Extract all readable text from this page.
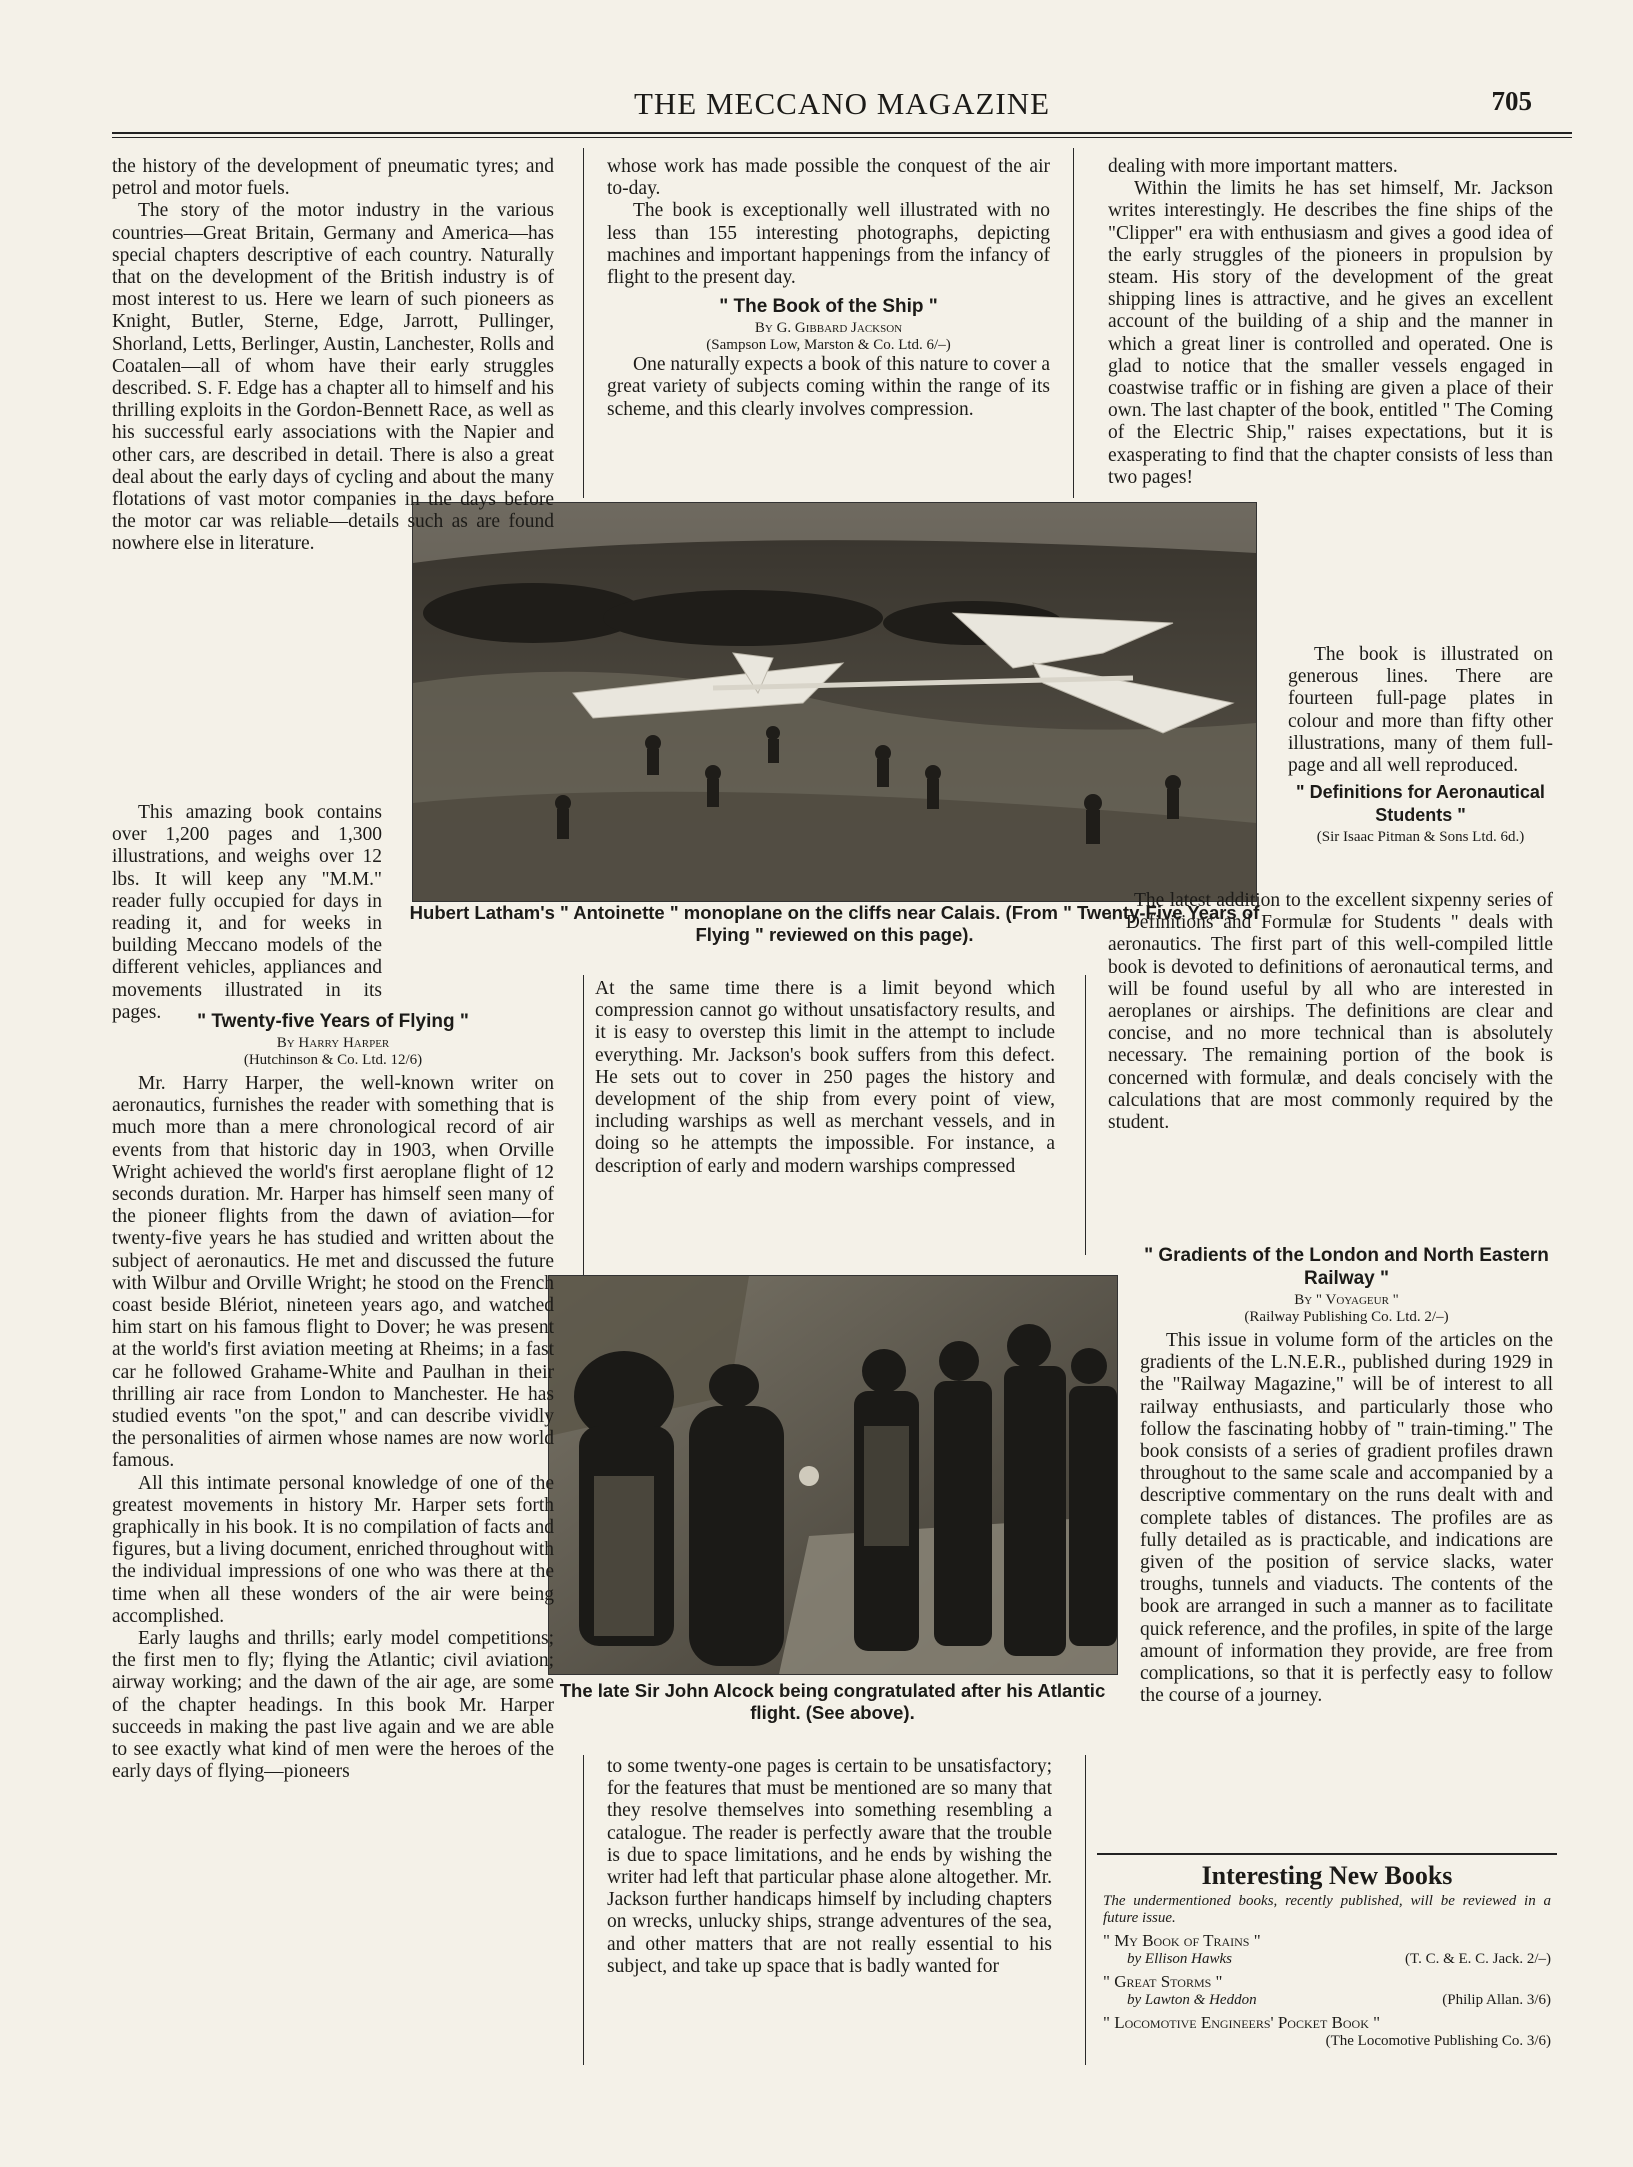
THE MECCANO MAGAZINE	705
Hubert Latham's " Antoinette " monoplane on the cliffs near Calais. (From " Twenty-Five Years of Flying " reviewed on this page).
The late Sir John Alcock being congratulated after his Atlantic flight. (See above).

the history of the development of pneumatic tyres; and petrol and motor fuels.

The story of the motor industry in the various countries—Great Britain, Germany and America—has special chapters descriptive of each country. Naturally that on the development of the British industry is of most interest to us. Here we learn of such pioneers as Knight, Butler, Sterne, Edge, Jarrott, Pullinger, Shorland, Letts, Berlinger, Austin, Lanchester, Rolls and Coatalen—all of whom have their early struggles described. S. F. Edge has a chapter all to himself and his thrilling exploits in the Gordon-Bennett Race, as well as his successful early associations with the Napier and other cars, are described in detail. There is also a great deal about the early days of cycling and about the many flotations of vast motor companies in the days before the motor car was reliable—details such as are found nowhere else in literature.

" Twenty-five Years of Flying "
By Harry Harper
(Hutchinson & Co. Ltd. 12/6)

Mr. Harry Harper, the well-known writer on aeronautics, furnishes the reader with something that is much more than a mere chronological record of air events from that historic day in 1903, when Orville Wright achieved the world's first aeroplane flight of 12 seconds duration. Mr. Harper has himself seen many of the pioneer flights from the dawn of aviation—for twenty-five years he has studied and written about the subject of aeronautics. He met and discussed the future with Wilbur and Orville Wright; he stood on the French coast beside Blériot, nineteen years ago, and watched him start on his famous flight to Dover; he was present at the world's first aviation meeting at Rheims; in a fast car he followed Grahame-White and Paulhan in their thrilling air race from London to Manchester. He has studied events "on the spot," and can describe vividly the personalities of airmen whose names are now world famous.

All this intimate personal knowledge of one of the greatest movements in history Mr. Harper sets forth graphically in his book. It is no compilation of facts and figures, but a living document, enriched throughout with the individual impressions of one who was there at the time when all these wonders of the air were being accomplished.

Early laughs and thrills; early model competitions; the first men to fly; flying the Atlantic; civil aviation; airway working; and the dawn of the air age, are some of the chapter headings. In this book Mr. Harper succeeds in making the past live again and we are able to see exactly what kind of men were the heroes of the early days of flying—pioneers

This amazing book contains over 1,200 pages and 1,300 illustrations, and weighs over 12 lbs. It will keep any "M.M." reader fully occupied for days in reading it, and for weeks in building Meccano models of the different vehicles, appliances and movements illustrated in its pages.

whose work has made possible the conquest of the air to-day.

The book is exceptionally well illustrated with no less than 155 interesting photographs, depicting machines and important happenings from the infancy of flight to the present day.

" The Book of the Ship "
By G. Gibbard Jackson
(Sampson Low, Marston & Co. Ltd. 6/–)

One naturally expects a book of this nature to cover a great variety of subjects coming within the range of its scheme, and this clearly involves compression.

At the same time there is a limit beyond which compression cannot go without unsatisfactory results, and it is easy to overstep this limit in the attempt to include everything. Mr. Jackson's book suffers from this defect. He sets out to cover in 250 pages the history and development of the ship from every point of view, including warships as well as merchant vessels, and in doing so he attempts the impossible. For instance, a description of early and modern warships compressed

to some twenty-one pages is certain to be unsatisfactory; for the features that must be mentioned are so many that they resolve themselves into something resembling a catalogue. The reader is perfectly aware that the trouble is due to space limitations, and he ends by wishing the writer had left that particular phase alone altogether. Mr. Jackson further handicaps himself by including chapters on wrecks, unlucky ships, strange adventures of the sea, and other matters that are not really essential to his subject, and take up space that is badly wanted for

dealing with more important matters.

Within the limits he has set himself, Mr. Jackson writes interestingly. He describes the fine ships of the "Clipper" era with enthusiasm and gives a good idea of the early struggles of the pioneers in propulsion by steam. His story of the development of the great shipping lines is attractive, and he gives an excellent account of the building of a ship and the manner in which a great liner is controlled and operated. One is glad to notice that the smaller vessels engaged in coastwise traffic or in fishing are given a place of their own. The last chapter of the book, entitled " The Coming of the Electric Ship," raises expectations, but it is exasperating to find that the chapter consists of less than two pages!

The book is illustrated on generous lines. There are fourteen full-page plates in colour and more than fifty other illustrations, many of them full-page and all well reproduced.

" Definitions for Aeronautical Students "
(Sir Isaac Pitman & Sons Ltd. 6d.)

The latest addition to the excellent sixpenny series of " Definitions and Formulæ for Students " deals with aeronautics. The first part of this well-compiled little book is devoted to definitions of aeronautical terms, and will be found useful by all who are interested in aeroplanes or airships. The definitions are clear and concise, and no more technical than is absolutely necessary. The remaining portion of the book is concerned with formulæ, and deals concisely with the calculations that are most commonly required by the student.

" Gradients of the London and North Eastern Railway "
By " Voyageur "
(Railway Publishing Co. Ltd. 2/–)

This issue in volume form of the articles on the gradients of the L.N.E.R., published during 1929 in the "Railway Magazine," will be of interest to all railway enthusiasts, and particularly those who follow the fascinating hobby of " train-timing." The book consists of a series of gradient profiles drawn throughout to the same scale and accompanied by a descriptive commentary on the runs dealt with and complete tables of distances. The profiles are as fully detailed as is practicable, and indications are given of the position of service slacks, water troughs, tunnels and viaducts. The contents of the book are arranged in such a manner as to facilitate quick reference, and the profiles, in spite of the large amount of information they provide, are free from complications, so that it is perfectly easy to follow the course of a journey.

Interesting New Books
The undermentioned books, recently published, will be reviewed in a future issue.
" My Book of Trains "
by Ellison Hawks	(T. C. & E. C. Jack. 2/–)
" Great Storms "
by Lawton & Heddon	(Philip Allan. 3/6)
" Locomotive Engineers' Pocket Book "
(The Locomotive Publishing Co. 3/6)
